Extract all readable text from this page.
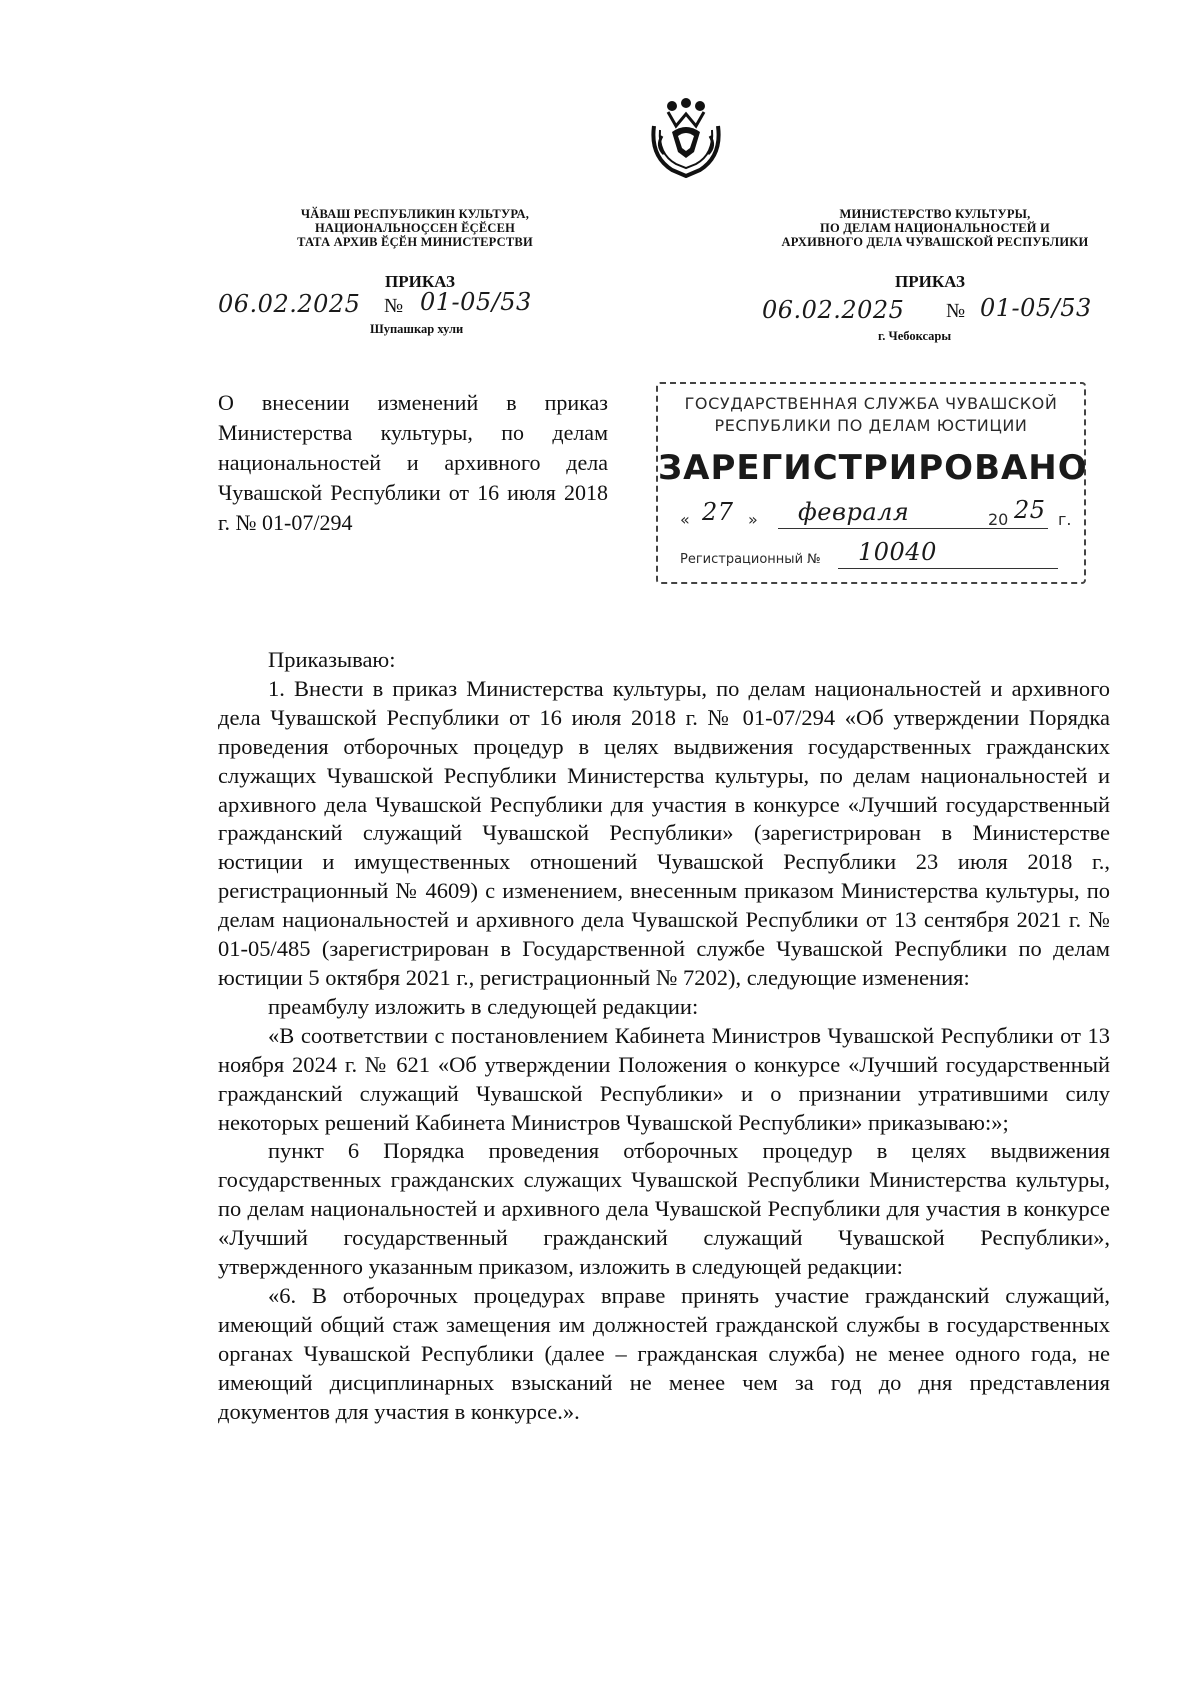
ЧӐВАШ РЕСПУБЛИКИН КУЛЬТУРА,
НАЦИОНАЛЬНОҪСЕН ӖҪӖСЕН
ТАТА АРХИВ ӖҪӖН МИНИСТЕРСТВИ
МИНИСТЕРСТВО КУЛЬТУРЫ,
ПО ДЕЛАМ НАЦИОНАЛЬНОСТЕЙ И
АРХИВНОГО ДЕЛА ЧУВАШСКОЙ РЕСПУБЛИКИ
ПРИКАЗ
06.02.2025 № 01-05/53
Шупашкар хули
ПРИКАЗ
06.02.2025 № 01-05/53
г. Чебоксары
О внесении изменений в приказ Министерства культуры, по делам национальностей и архивного дела Чувашской Республики от 16 июля 2018 г. № 01-07/294
ГОСУДАРСТВЕННАЯ СЛУЖБА ЧУВАШСКОЙ
РЕСПУБЛИКИ ПО ДЕЛАМ ЮСТИЦИИ
ЗАРЕГИСТРИРОВАНО
« 27 » февраля	20 25 г.
Регистрационный № 10040

Приказываю:

1. Внести в приказ Министерства культуры, по делам национальностей и архивного дела Чувашской Республики от 16 июля 2018 г. № 01-07/294 «Об утверждении Порядка проведения отборочных процедур в целях выдвижения государственных гражданских служащих Чувашской Республики Министерства культуры, по делам национальностей и архивного дела Чувашской Республики для участия в конкурсе «Лучший государственный гражданский служащий Чувашской Республики» (зарегистрирован в Министерстве юстиции и имущественных отношений Чувашской Республики 23 июля 2018 г., регистрационный № 4609) с изменением, внесенным приказом Министерства культуры, по делам национальностей и архивного дела Чувашской Республики от 13 сентября 2021 г. № 01-05/485 (зарегистрирован в Государственной службе Чувашской Республики по делам юстиции 5 октября 2021 г., регистрационный № 7202), следующие изменения:

преамбулу изложить в следующей редакции:

«В соответствии с постановлением Кабинета Министров Чувашской Республики от 13 ноября 2024 г. № 621 «Об утверждении Положения о конкурсе «Лучший государственный гражданский служащий Чувашской Республики» и о признании утратившими силу некоторых решений Кабинета Министров Чувашской Республики» приказываю:»;

пункт 6 Порядка проведения отборочных процедур в целях выдвижения государственных гражданских служащих Чувашской Республики Министерства культуры, по делам национальностей и архивного дела Чувашской Республики для участия в конкурсе «Лучший государственный гражданский служащий Чувашской Республики», утвержденного указанным приказом, изложить в следующей редакции:

«6. В отборочных процедурах вправе принять участие гражданский служащий, имеющий общий стаж замещения им должностей гражданской службы в государственных органах Чувашской Республики (далее – гражданская служба) не менее одного года, не имеющий дисциплинарных взысканий не менее чем за год до дня представления документов для участия в конкурсе.».
